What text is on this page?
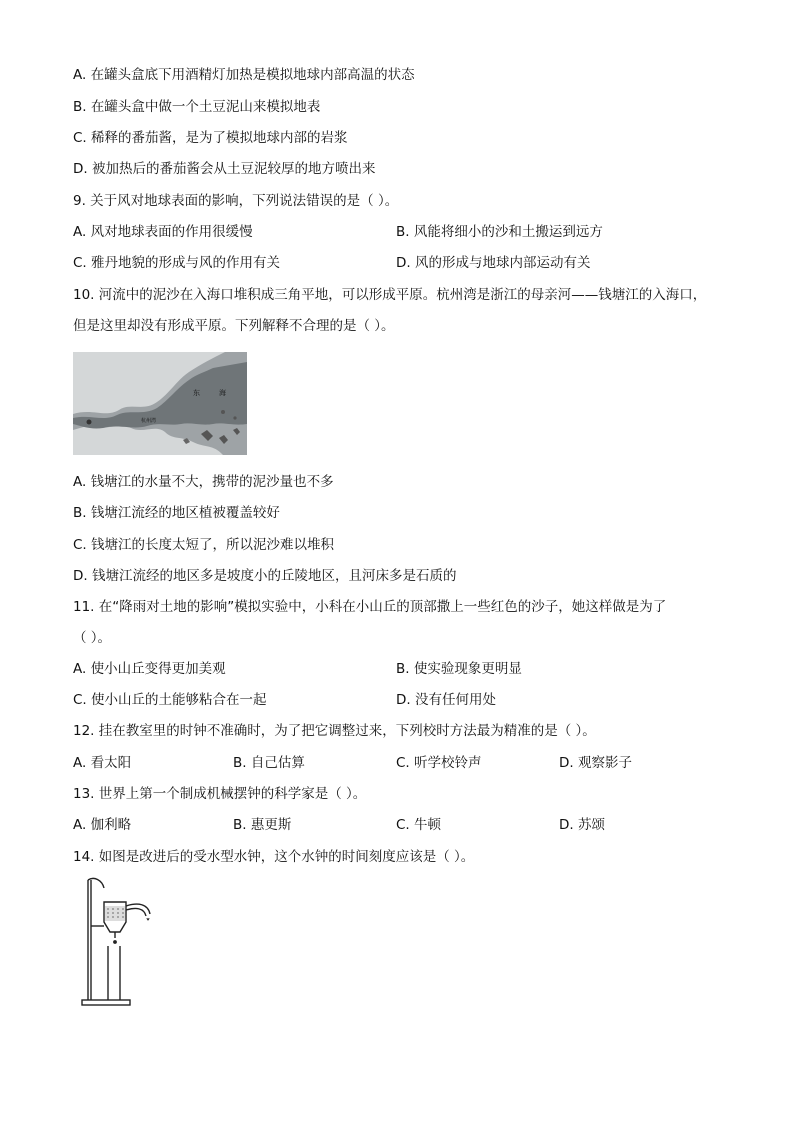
A. 在罐头盒底下用酒精灯加热是模拟地球内部高温的状态
B. 在罐头盒中做一个土豆泥山来模拟地表
C. 稀释的番茄酱，是为了模拟地球内部的岩浆
D. 被加热后的番茄酱会从土豆泥较厚的地方喷出来
9. 关于风对地球表面的影响，下列说法错误的是（ ）。
A. 风对地球表面的作用很缓慢	B. 风能将细小的沙和土搬运到远方
C. 雅丹地貌的形成与风的作用有关	D. 风的形成与地球内部运动有关
10. 河流中的泥沙在入海口堆积成三角平地，可以形成平原。杭州湾是浙江的母亲河——钱塘江的入海口，
但是这里却没有形成平原。下列解释不合理的是（ ）。
东	海
杭州湾
A. 钱塘江的水量不大，携带的泥沙量也不多
B. 钱塘江流经的地区植被覆盖较好
C. 钱塘江的长度太短了，所以泥沙难以堆积
D. 钱塘江流经的地区多是坡度小的丘陵地区，且河床多是石质的
11. 在“降雨对土地的影响”模拟实验中，小科在小山丘的顶部撒上一些红色的沙子，她这样做是为了
（ ）。
A. 使小山丘变得更加美观	B. 使实验现象更明显
C. 使小山丘的土能够粘合在一起	D. 没有任何用处
12. 挂在教室里的时钟不准确时，为了把它调整过来，下列校时方法最为精准的是（ ）。
A. 看太阳	B. 自己估算	C. 听学校铃声	D. 观察影子
13. 世界上第一个制成机械摆钟的科学家是（ ）。
A. 伽利略	B. 惠更斯	C. 牛顿	D. 苏颂
14. 如图是改进后的受水型水钟，这个水钟的时间刻度应该是（ ）。
